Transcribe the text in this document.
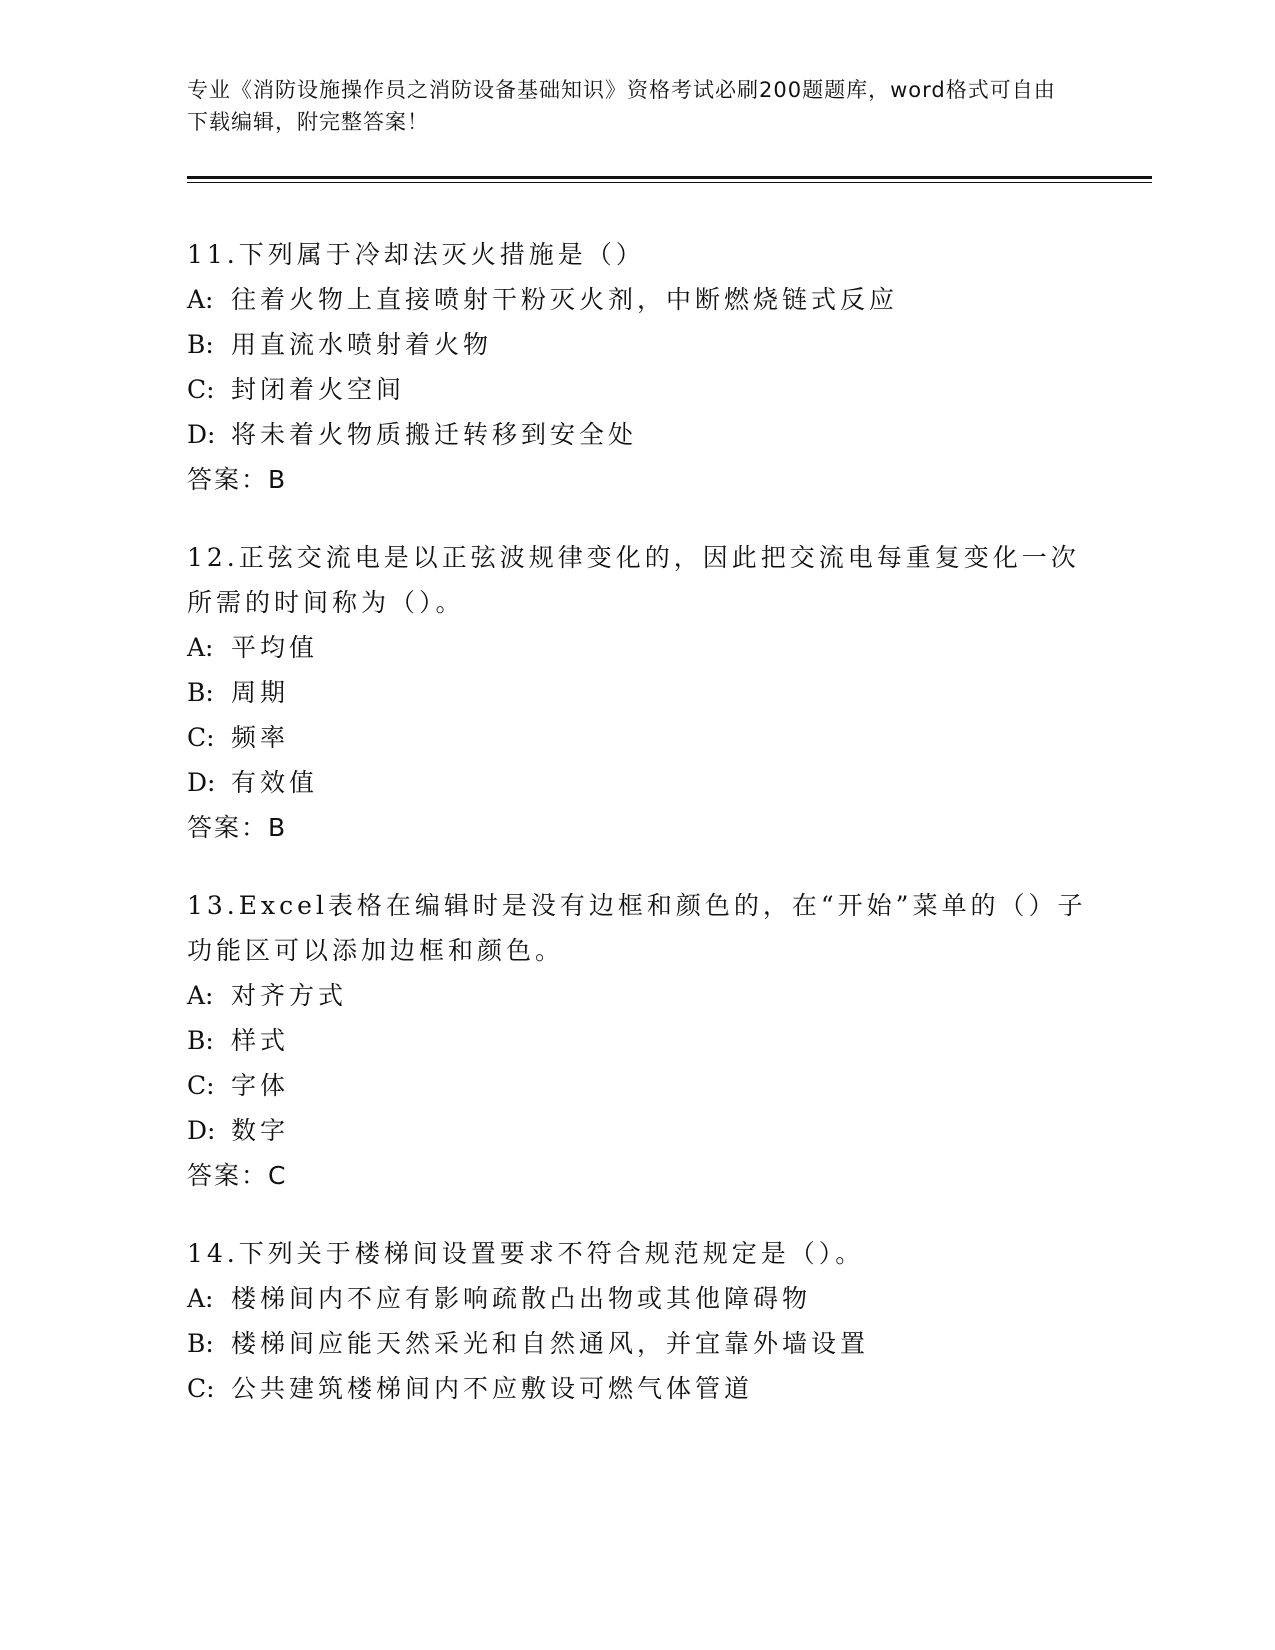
专业《消防设施操作员之消防设备基础知识》资格考试必刷200题题库，word格式可自由下载编辑，附完整答案！
11.下列属于冷却法灭火措施是（）
A: 往着火物上直接喷射干粉灭火剂，中断燃烧链式反应
B: 用直流水喷射着火物
C: 封闭着火空间
D: 将未着火物质搬迁转移到安全处
答案：B
12.正弦交流电是以正弦波规律变化的，因此把交流电每重复变化一次所需的时间称为（）。
A: 平均值
B: 周期
C: 频率
D: 有效值
答案：B
13.Excel表格在编辑时是没有边框和颜色的，在“开始”菜单的（）子功能区可以添加边框和颜色。
A: 对齐方式
B: 样式
C: 字体
D: 数字
答案：C
14.下列关于楼梯间设置要求不符合规范规定是（）。
A: 楼梯间内不应有影响疏散凸出物或其他障碍物
B: 楼梯间应能天然采光和自然通风，并宜靠外墙设置
C: 公共建筑楼梯间内不应敷设可燃气体管道
